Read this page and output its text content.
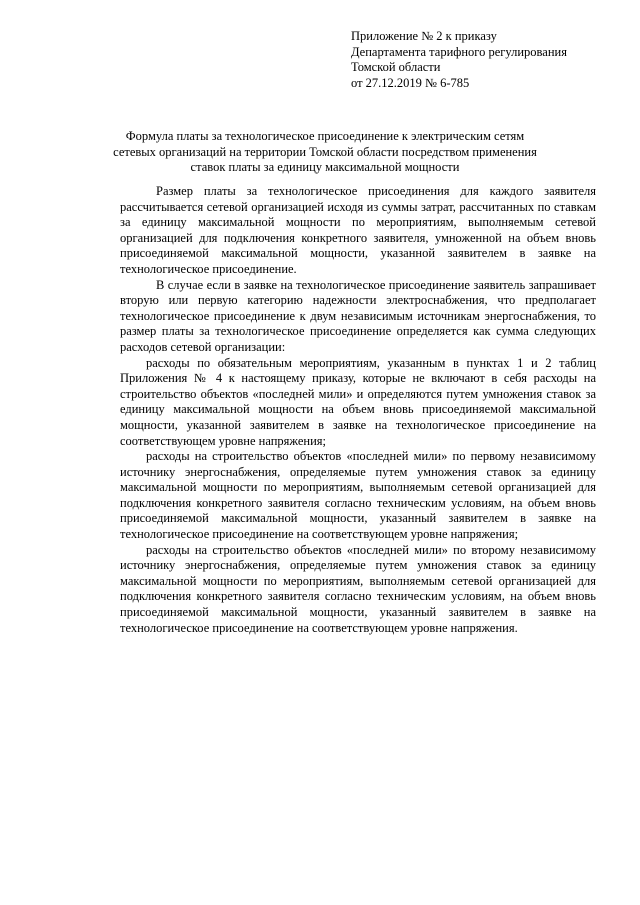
Приложение № 2 к приказу
Департамента тарифного регулирования
Томской области
от 27.12.2019 № 6-785
Формула платы за технологическое присоединение к электрическим сетям сетевых организаций на территории Томской области посредством применения ставок платы за единицу максимальной мощности

Размер платы за технологическое присоединения для каждого заявителя рассчитывается сетевой организацией исходя из суммы затрат, рассчитанных по ставкам за единицу максимальной мощности по мероприятиям, выполняемым сетевой организацией для подключения конкретного заявителя, умноженной на объем вновь присоединяемой максимальной мощности, указанной заявителем в заявке на технологическое присоединение.

В случае если в заявке на технологическое присоединение заявитель запрашивает вторую или первую категорию надежности электроснабжения, что предполагает технологическое присоединение к двум независимым источникам энергоснабжения, то размер платы за технологическое присоединение определяется как сумма следующих расходов сетевой организации:

расходы по обязательным мероприятиям, указанным в пунктах 1 и 2 таблиц Приложения № 4 к настоящему приказу, которые не включают в себя расходы на строительство объектов «последней мили» и определяются путем умножения ставок за единицу максимальной мощности на объем вновь присоединяемой максимальной мощности, указанной заявителем в заявке на технологическое присоединение на соответствующем уровне напряжения;

расходы на строительство объектов «последней мили» по первому независимому источнику энергоснабжения, определяемые путем умножения ставок за единицу максимальной мощности по мероприятиям, выполняемым сетевой организацией для подключения конкретного заявителя согласно техническим условиям, на объем вновь присоединяемой максимальной мощности, указанный заявителем в заявке на технологическое присоединение на соответствующем уровне напряжения;

расходы на строительство объектов «последней мили» по второму независимому источнику энергоснабжения, определяемые путем умножения ставок за единицу максимальной мощности по мероприятиям, выполняемым сетевой организацией для подключения конкретного заявителя согласно техническим условиям, на объем вновь присоединяемой максимальной мощности, указанный заявителем в заявке на технологическое присоединение на соответствующем уровне напряжения.
